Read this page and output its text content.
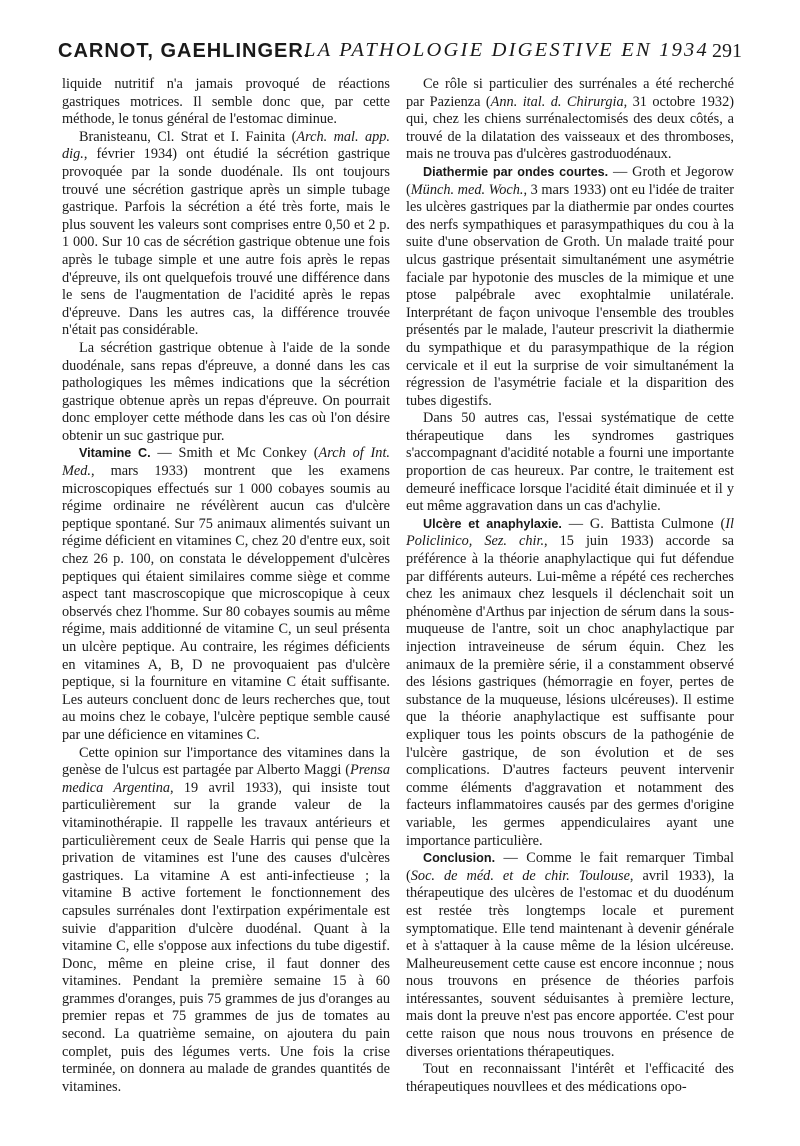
CARNOT, GAEHLINGER.
LA PATHOLOGIE DIGESTIVE EN 1934 291

liquide nutritif n'a jamais provoqué de réactions gastriques motrices. Il semble donc que, par cette méthode, le tonus général de l'estomac diminue.

Branisteanu, Cl. Strat et I. Fainita (Arch. mal. app. dig., février 1934) ont étudié la sécrétion gastrique provoquée par la sonde duodénale. Ils ont toujours trouvé une sécrétion gastrique après un simple tubage gastrique. Parfois la sécrétion a été très forte, mais le plus souvent les valeurs sont comprises entre 0,50 et 2 p. 1 000. Sur 10 cas de sécrétion gastrique obtenue une fois après le tubage simple et une autre fois après le repas d'épreuve, ils ont quelquefois trouvé une différence dans le sens de l'augmentation de l'acidité après le repas d'épreuve. Dans les autres cas, la différence trouvée n'était pas considérable.

La sécrétion gastrique obtenue à l'aide de la sonde duodénale, sans repas d'épreuve, a donné dans les cas pathologiques les mêmes indications que la sécrétion gastrique obtenue après un repas d'épreuve. On pourrait donc employer cette méthode dans les cas où l'on désire obtenir un suc gastrique pur.

Vitamine C. — Smith et Mc Conkey (Arch of Int. Med., mars 1933) montrent que les examens microscopiques effectués sur 1 000 cobayes soumis au régime ordinaire ne révélèrent aucun cas d'ulcère peptique spontané. Sur 75 animaux alimentés suivant un régime déficient en vitamines C, chez 20 d'entre eux, soit chez 26 p. 100, on constata le développement d'ulcères peptiques qui étaient similaires comme siège et comme aspect tant mascroscopique que microscopique à ceux observés chez l'homme. Sur 80 cobayes soumis au même régime, mais additionné de vitamine C, un seul présenta un ulcère peptique. Au contraire, les régimes déficients en vitamines A, B, D ne provoquaient pas d'ulcère peptique, si la fourniture en vitamine C était suffisante. Les auteurs concluent donc de leurs recherches que, tout au moins chez le cobaye, l'ulcère peptique semble causé par une déficience en vitamines C.

Cette opinion sur l'importance des vitamines dans la genèse de l'ulcus est partagée par Alberto Maggi (Prensa medica Argentina, 19 avril 1933), qui insiste tout particulièrement sur la grande valeur de la vitaminothérapie. Il rappelle les travaux antérieurs et particulièrement ceux de Seale Harris qui pense que la privation de vitamines est l'une des causes d'ulcères gastriques. La vitamine A est anti-infectieuse ; la vitamine B active fortement le fonctionnement des capsules surrénales dont l'extirpation expérimentale est suivie d'apparition d'ulcère duodénal. Quant à la vitamine C, elle s'oppose aux infections du tube digestif. Donc, même en pleine crise, il faut donner des vitamines. Pendant la première semaine 15 à 60 grammes d'oranges, puis 75 grammes de jus d'oranges au premier repas et 75 grammes de jus de tomates au second. La quatrième semaine, on ajoutera du pain complet, puis des légumes verts. Une fois la crise terminée, on donnera au malade de grandes quantités de vitamines.

Ce rôle si particulier des surrénales a été recherché par Pazienza (Ann. ital. d. Chirurgia, 31 octobre 1932) qui, chez les chiens surrénalectomisés des deux côtés, a trouvé de la dilatation des vaisseaux et des thromboses, mais ne trouva pas d'ulcères gastroduodénaux.

Diathermie par ondes courtes. — Groth et Jegorow (Münch. med. Woch., 3 mars 1933) ont eu l'idée de traiter les ulcères gastriques par la diathermie par ondes courtes des nerfs sympathiques et parasympathiques du cou à la suite d'une observation de Groth. Un malade traité pour ulcus gastrique présentait simultanément une asymétrie faciale par hypotonie des muscles de la mimique et une ptose palpébrale avec exophtalmie unilatérale. Interprétant de façon univoque l'ensemble des troubles présentés par le malade, l'auteur prescrivit la diathermie du sympathique et du parasympathique de la région cervicale et il eut la surprise de voir simultanément la régression de l'asymétrie faciale et la disparition des tubes digestifs.

Dans 50 autres cas, l'essai systématique de cette thérapeutique dans les syndromes gastriques s'accompagnant d'acidité notable a fourni une importante proportion de cas heureux. Par contre, le traitement est demeuré inefficace lorsque l'acidité était diminuée et il y eut même aggravation dans un cas d'achylie.

Ulcère et anaphylaxie. — G. Battista Culmone (Il Policlinico, Sez. chir., 15 juin 1933) accorde sa préférence à la théorie anaphylactique qui fut défendue par différents auteurs. Lui-même a répété ces recherches chez les animaux chez lesquels il déclenchait soit un phénomène d'Arthus par injection de sérum dans la sous-muqueuse de l'antre, soit un choc anaphylactique par injection intraveineuse de sérum équin. Chez les animaux de la première série, il a constamment observé des lésions gastriques (hémorragie en foyer, pertes de substance de la muqueuse, lésions ulcéreuses). Il estime que la théorie anaphylactique est suffisante pour expliquer tous les points obscurs de la pathogénie de l'ulcère gastrique, de son évolution et de ses complications. D'autres facteurs peuvent intervenir comme éléments d'aggravation et notamment des facteurs inflammatoires causés par des germes d'origine variable, les germes appendiculaires ayant une importance particulière.

Conclusion. — Comme le fait remarquer Timbal (Soc. de méd. et de chir. Toulouse, avril 1933), la thérapeutique des ulcères de l'estomac et du duodénum est restée très longtemps locale et purement symptomatique. Elle tend maintenant à devenir générale et à s'attaquer à la cause même de la lésion ulcéreuse. Malheureusement cette cause est encore inconnue ; nous nous trouvons en présence de théories parfois intéressantes, souvent séduisantes à première lecture, mais dont la preuve n'est pas encore apportée. C'est pour cette raison que nous nous trouvons en présence de diverses orientations thérapeutiques.

Tout en reconnaissant l'intérêt et l'efficacité des thérapeutiques nouvllees et des médications opo-
